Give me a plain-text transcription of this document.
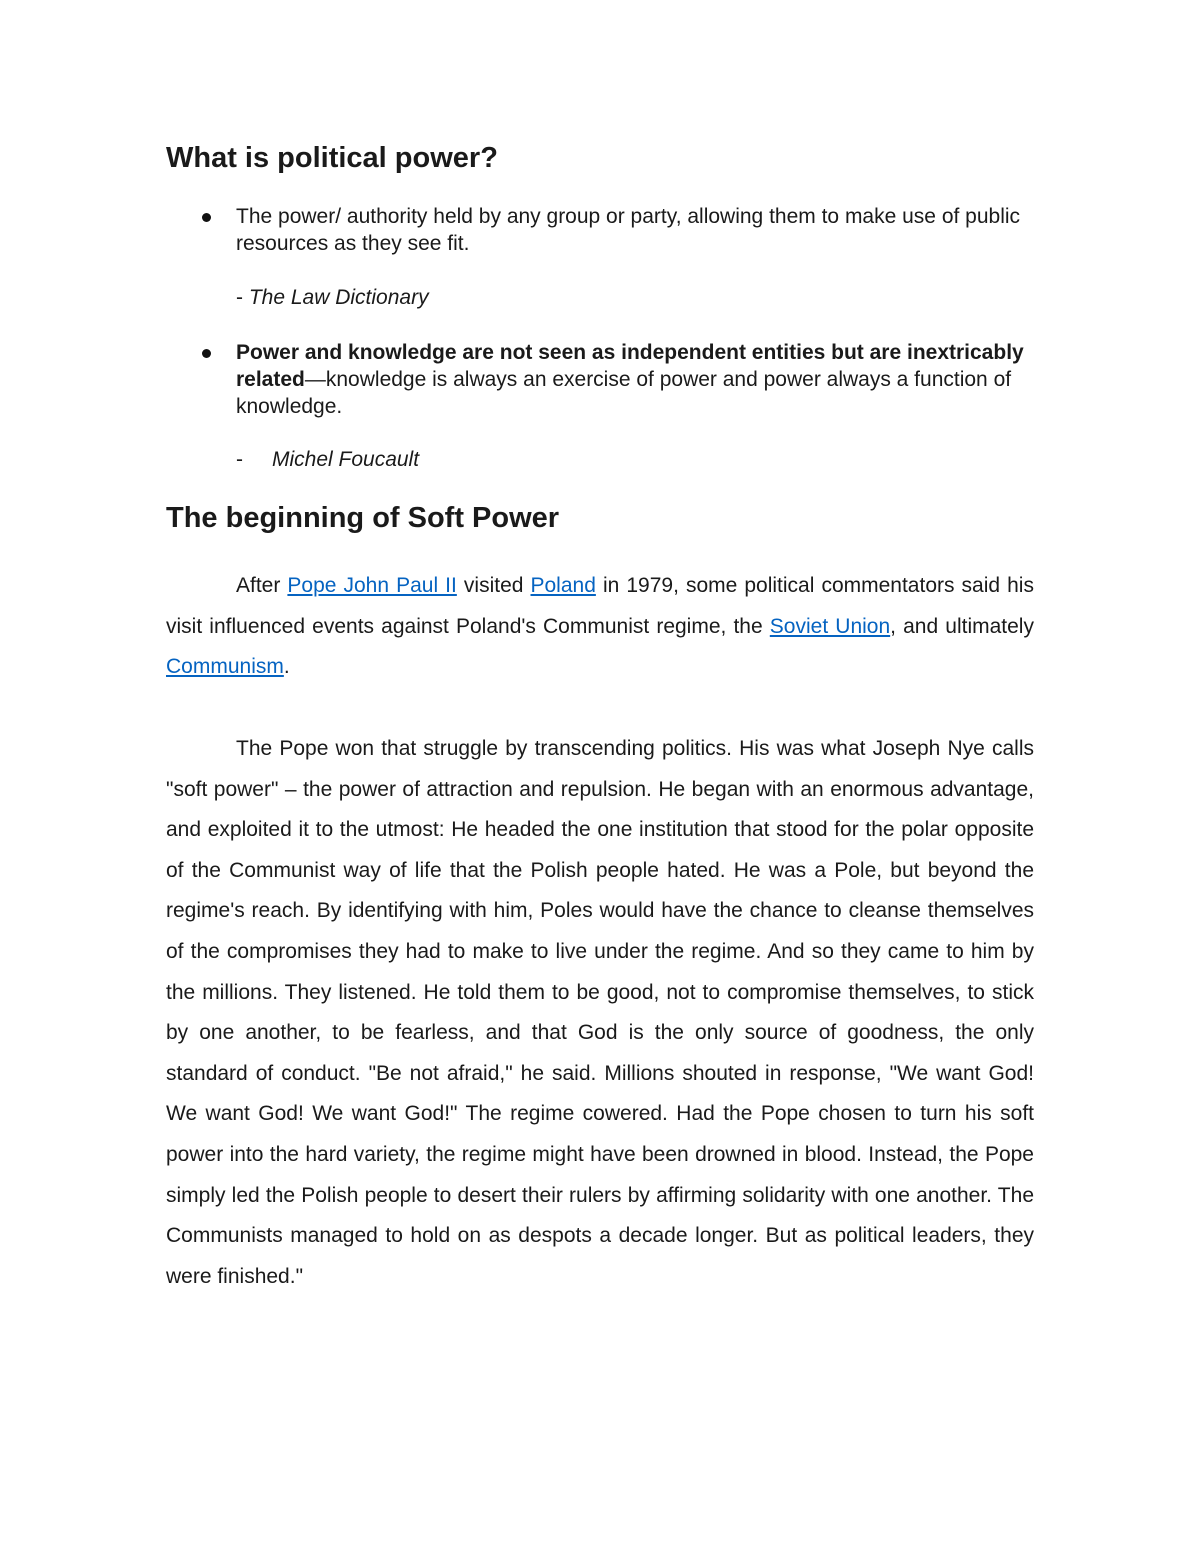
What is political power?
The power/ authority held by any group or party, allowing them to make use of public resources as they see fit.
- The Law Dictionary
Power and knowledge are not seen as independent entities but are inextricably related—knowledge is always an exercise of power and power always a function of knowledge.
- Michel Foucault
The beginning of Soft Power

After Pope John Paul II visited Poland in 1979, some political commentators said his visit influenced events against Poland's Communist regime, the Soviet Union, and ultimately Communism.

The Pope won that struggle by transcending politics. His was what Joseph Nye calls "soft power" – the power of attraction and repulsion. He began with an enormous advantage, and exploited it to the utmost: He headed the one institution that stood for the polar opposite of the Communist way of life that the Polish people hated. He was a Pole, but beyond the regime's reach. By identifying with him, Poles would have the chance to cleanse themselves of the compromises they had to make to live under the regime. And so they came to him by the millions. They listened. He told them to be good, not to compromise themselves, to stick by one another, to be fearless, and that God is the only source of goodness, the only standard of conduct. "Be not afraid," he said. Millions shouted in response, "We want God! We want God! We want God!" The regime cowered. Had the Pope chosen to turn his soft power into the hard variety, the regime might have been drowned in blood. Instead, the Pope simply led the Polish people to desert their rulers by affirming solidarity with one another. The Communists managed to hold on as despots a decade longer. But as political leaders, they were finished."
